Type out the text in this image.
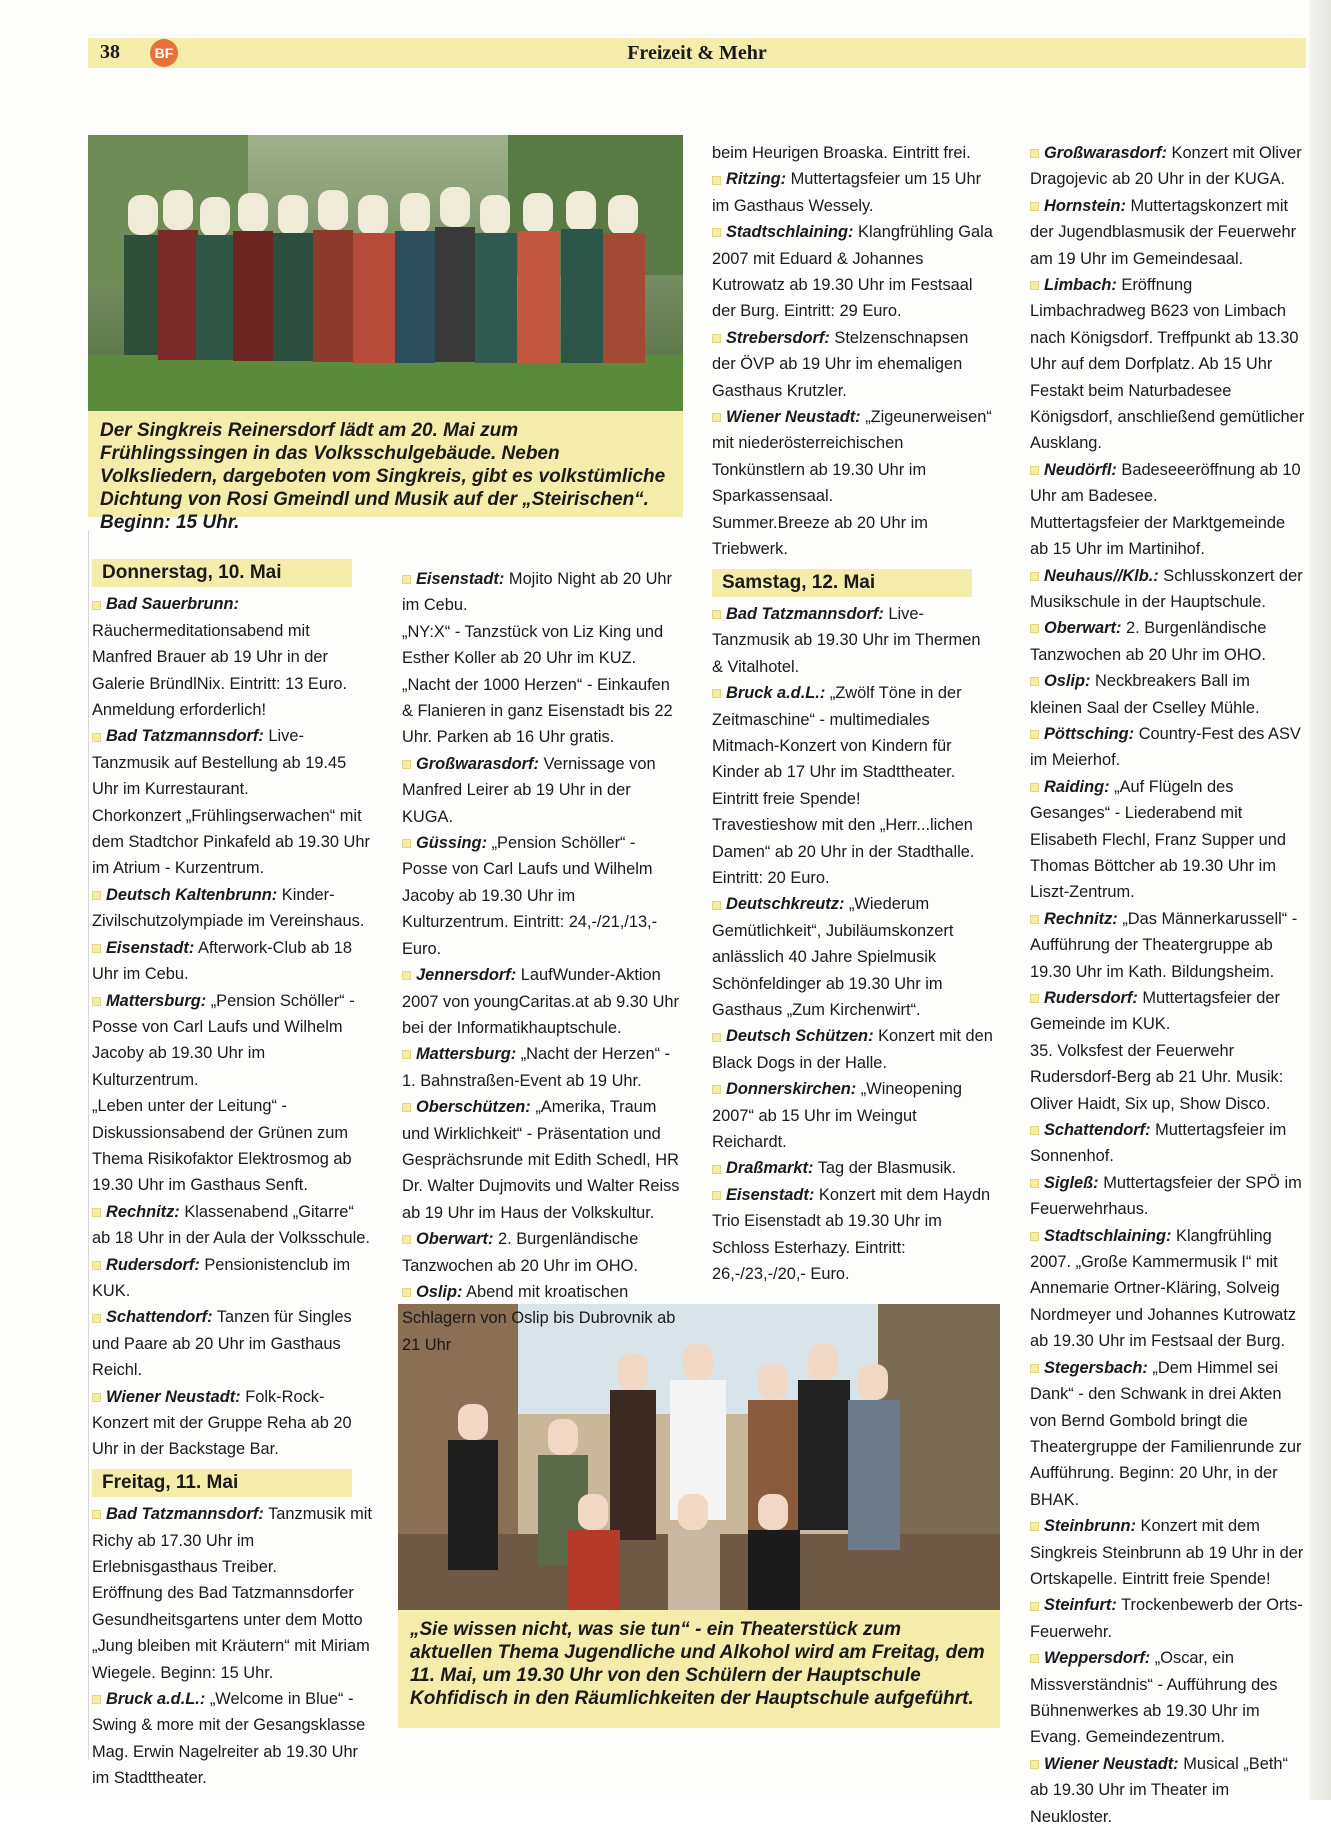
38	BF	Freizeit & Mehr
Der Singkreis Reinersdorf lädt am 20. Mai zum Frühlingssingen in das Volksschulgebäude. Neben Volksliedern, dargeboten vom Singkreis, gibt es volkstümliche Dichtung von Rosi Gmeindl und Musik auf der „Steirischen“. Beginn: 15 Uhr.
„Sie wissen nicht, was sie tun“ - ein Theaterstück zum aktuellen Thema Jugendliche und Alkohol wird am Freitag, dem 11. Mai, um 19.30 Uhr von den Schülern der Hauptschule Kohfidisch in den Räumlichkeiten der Hauptschule aufgeführt.
Donnerstag, 10. Mai

Bad Sauerbrunn: Räuchermeditationsabend mit Manfred Brauer ab 19 Uhr in der Galerie BründlNix. Eintritt: 13 Euro. Anmeldung erforderlich!

Bad Tatzmannsdorf: Live-Tanzmusik auf Bestellung ab 19.45 Uhr im Kurrestaurant.

Chorkonzert „Frühlingserwachen“ mit dem Stadtchor Pinkafeld ab 19.30 Uhr im Atrium - Kurzentrum.

Deutsch Kaltenbrunn: Kinder-Zivilschutzolympiade im Vereinshaus.

Eisenstadt: Afterwork-Club ab 18 Uhr im Cebu.

Mattersburg: „Pension Schöller“ - Posse von Carl Laufs und Wilhelm Jacoby ab 19.30 Uhr im Kulturzentrum.

„Leben unter der Leitung“ - Diskussionsabend der Grünen zum Thema Risikofaktor Elektrosmog ab 19.30 Uhr im Gasthaus Senft.

Rechnitz: Klassenabend „Gitarre“ ab 18 Uhr in der Aula der Volksschule.

Rudersdorf: Pensionistenclub im KUK.

Schattendorf: Tanzen für Singles und Paare ab 20 Uhr im Gasthaus Reichl.

Wiener Neustadt: Folk-Rock-Konzert mit der Gruppe Reha ab 20 Uhr in der Backstage Bar.

Freitag, 11. Mai

Bad Tatzmannsdorf: Tanzmusik mit Richy ab 17.30 Uhr im Erlebnisgasthaus Treiber.

Eröffnung des Bad Tatzmannsdorfer Gesundheitsgartens unter dem Motto „Jung bleiben mit Kräutern“ mit Miriam Wiegele. Beginn: 15 Uhr.

Bruck a.d.L.: „Welcome in Blue“ - Swing & more mit der Gesangsklasse Mag. Erwin Nagelreiter ab 19.30 Uhr im Stadttheater.

Eisenstadt: Mojito Night ab 20 Uhr im Cebu.

„NY:X“ - Tanzstück von Liz King und Esther Koller ab 20 Uhr im KUZ.

„Nacht der 1000 Herzen“ - Einkaufen & Flanieren in ganz Eisenstadt bis 22 Uhr. Parken ab 16 Uhr gratis.

Großwarasdorf: Vernissage von Manfred Leirer ab 19 Uhr in der KUGA.

Güssing: „Pension Schöller“ - Posse von Carl Laufs und Wilhelm Jacoby ab 19.30 Uhr im Kulturzentrum. Eintritt: 24,-/21,/13,- Euro.

Jennersdorf: LaufWunder-Aktion 2007 von youngCaritas.at ab 9.30 Uhr bei der Informatikhauptschule.

Mattersburg: „Nacht der Herzen“ - 1. Bahnstraßen-Event ab 19 Uhr.

Oberschützen: „Amerika, Traum und Wirklichkeit“ - Präsentation und Gesprächsrunde mit Edith Schedl, HR Dr. Walter Dujmovits und Walter Reiss ab 19 Uhr im Haus der Volkskultur.

Oberwart: 2. Burgenländische Tanzwochen ab 20 Uhr im OHO.

Oslip: Abend mit kroatischen Schlagern von Oslip bis Dubrovnik ab 21 Uhr

beim Heurigen Broaska. Eintritt frei.

Ritzing: Muttertagsfeier um 15 Uhr im Gasthaus Wessely.

Stadtschlaining: Klangfrühling Gala 2007 mit Eduard & Johannes Kutrowatz ab 19.30 Uhr im Festsaal der Burg. Eintritt: 29 Euro.

Strebersdorf: Stelzenschnapsen der ÖVP ab 19 Uhr im ehemaligen Gasthaus Krutzler.

Wiener Neustadt: „Zigeunerweisen“ mit niederösterreichischen Tonkünstlern ab 19.30 Uhr im Sparkassensaal.

Summer.Breeze ab 20 Uhr im Triebwerk.

Samstag, 12. Mai

Bad Tatzmannsdorf: Live-Tanzmusik ab 19.30 Uhr im Thermen & Vitalhotel.

Bruck a.d.L.: „Zwölf Töne in der Zeitmaschine“ - multimediales Mitmach-Konzert von Kindern für Kinder ab 17 Uhr im Stadttheater. Eintritt freie Spende!

Travestieshow mit den „Herr...lichen Damen“ ab 20 Uhr in der Stadthalle. Eintritt: 20 Euro.

Deutschkreutz: „Wiederum Gemütlichkeit“, Jubiläumskonzert anlässlich 40 Jahre Spielmusik Schönfeldinger ab 19.30 Uhr im Gasthaus „Zum Kirchenwirt“.

Deutsch Schützen: Konzert mit den Black Dogs in der Halle.

Donnerskirchen: „Wineopening 2007“ ab 15 Uhr im Weingut Reichardt.

Draßmarkt: Tag der Blasmusik.

Eisenstadt: Konzert mit dem Haydn Trio Eisenstadt ab 19.30 Uhr im Schloss Esterhazy. Eintritt: 26,-/23,-/20,- Euro.

Großwarasdorf: Konzert mit Oliver Dragojevic ab 20 Uhr in der KUGA.

Hornstein: Muttertagskonzert mit der Jugendblasmusik der Feuerwehr am 19 Uhr im Gemeindesaal.

Limbach: Eröffnung Limbachradweg B623 von Limbach nach Königsdorf. Treffpunkt ab 13.30 Uhr auf dem Dorfplatz. Ab 15 Uhr Festakt beim Naturbadesee Königsdorf, anschließend gemütlicher Ausklang.

Neudörfl: Badeseeeröffnung ab 10 Uhr am Badesee.

Muttertagsfeier der Marktgemeinde ab 15 Uhr im Martinihof.

Neuhaus//Klb.: Schlusskonzert der Musikschule in der Hauptschule.

Oberwart: 2. Burgenländische Tanzwochen ab 20 Uhr im OHO.

Oslip: Neckbreakers Ball im kleinen Saal der Cselley Mühle.

Pöttsching: Country-Fest des ASV im Meierhof.

Raiding: „Auf Flügeln des Gesanges“ - Liederabend mit Elisabeth Flechl, Franz Supper und Thomas Böttcher ab 19.30 Uhr im Liszt-Zentrum.

Rechnitz: „Das Männerkarussell“ - Aufführung der Theatergruppe ab 19.30 Uhr im Kath. Bildungsheim.

Rudersdorf: Muttertagsfeier der Gemeinde im KUK.

35. Volksfest der Feuerwehr Rudersdorf-Berg ab 21 Uhr. Musik: Oliver Haidt, Six up, Show Disco.

Schattendorf: Muttertagsfeier im Sonnenhof.

Sigleß: Muttertagsfeier der SPÖ im Feuerwehrhaus.

Stadtschlaining: Klangfrühling 2007. „Große Kammermusik I“ mit Annemarie Ortner-Kläring, Solveig Nordmeyer und Johannes Kutrowatz ab 19.30 Uhr im Festsaal der Burg.

Stegersbach: „Dem Himmel sei Dank“ - den Schwank in drei Akten von Bernd Gombold bringt die Theatergruppe der Familienrunde zur Aufführung. Beginn: 20 Uhr, in der BHAK.

Steinbrunn: Konzert mit dem Singkreis Steinbrunn ab 19 Uhr in der Ortskapelle. Eintritt freie Spende!

Steinfurt: Trockenbewerb der Orts-Feuerwehr.

Weppersdorf: „Oscar, ein Missverständnis“ - Aufführung des Bühnenwerkes ab 19.30 Uhr im Evang. Gemeindezentrum.

Wiener Neustadt: Musical „Beth“ ab 19.30 Uhr im Theater im Neukloster.
